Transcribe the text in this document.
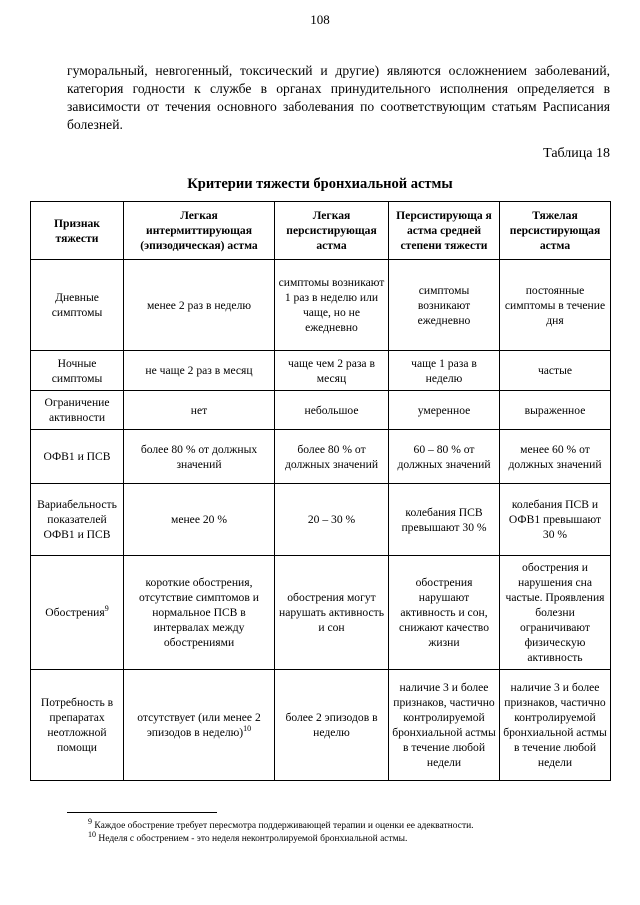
108

гуморальный, невrогенный, токсический и другие) являются осложнением заболеваний, категория годности к службе в органах принудительного исполнения определяется в зависимости от течения основного заболевания по соответствующим статьям Расписания болезней.

Таблица 18
Критерии тяжести бронхиальной астмы
Признак тяжести	Легкая интермиттирующая (эпизодическая) астма	Легкая персистирующая астма	Персистирующа я астма средней степени тяжести	Тяжелая персистирующая астма
Дневные симптомы	менее 2 раз в неделю	симптомы возникают 1 раз в неделю или чаще, но не ежедневно	симптомы возникают ежедневно	постоянные симптомы в течение дня
Ночные симптомы	не чаще 2 раз в месяц	чаще чем 2 раза в месяц	чаще 1 раза в неделю	частые
Ограничение активности	нет	небольшое	умеренное	выраженное
ОФВ1 и ПСВ	более 80 % от должных значений	более 80 % от должных значений	60 – 80 % от должных значений	менее 60 % от должных значений
Вариабельность показателей ОФВ1 и ПСВ	менее 20 %	20 – 30 %	колебания ПСВ превышают 30 %	колебания ПСВ и ОФВ1 превышают 30 %
Обострения$^9$	короткие обострения, отсутствие симптомов и нормальное ПСВ в интервалах между обострениями	обострения могут нарушать активность и сон	обострения нарушают активность и сон, снижают качество жизни	обострения и нарушения сна частые. Проявления болезни ограничивают физическую активность
Потребность в препаратах неотложной помощи	отсутствует (или менее 2 эпизодов в неделю)$^{10}$	более 2 эпизодов в неделю	наличие 3 и более признаков, частично контролируемой бронхиальной астмы в течение любой недели	наличие 3 и более признаков, частично контролируемой бронхиальной астмы в течение любой недели
$^9$ Каждое обострение требует пересмотра поддерживающей терапии и оценки ее адекватности.
$^{10}$ Неделя с обострением - это неделя неконтролируемой бронхиальной астмы.
